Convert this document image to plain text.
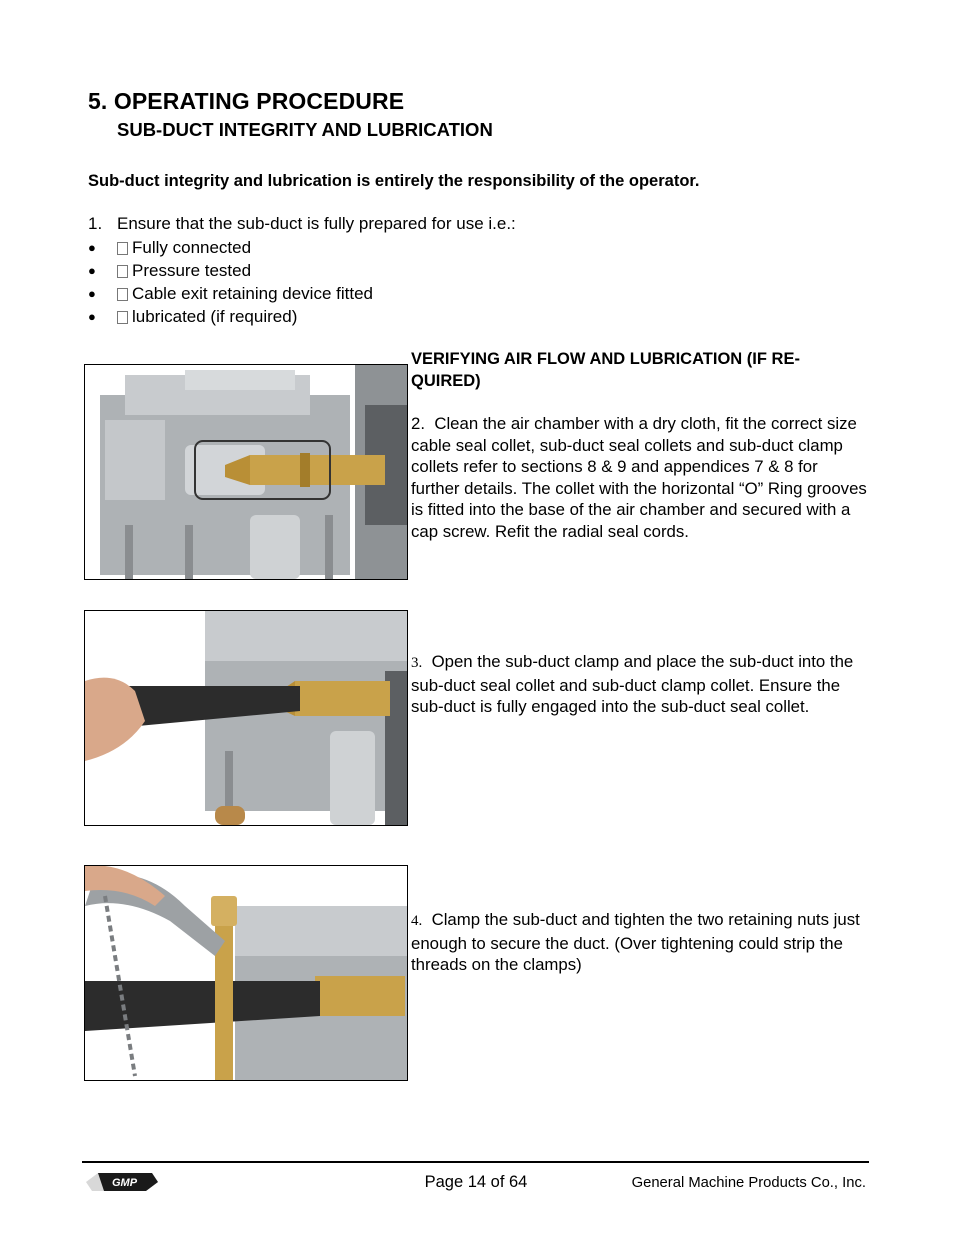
5. OPERATING PROCEDURE
SUB-DUCT INTEGRITY AND LUBRICATION
Sub-duct integrity and lubrication is entirely the responsibility of the operator.
1. Ensure that the sub-duct is fully prepared for use i.e.:
● Fully connected
● Pressure tested
● Cable exit retaining device fitted
● lubricated (if required)
VERIFYING AIR FLOW AND LUBRICATION (IF RE-QUIRED)

2. Clean the air chamber with a dry cloth, fit the correct size cable seal collet, sub-duct seal collets and sub-duct clamp collets refer to sections 8 & 9 and appendices 7 & 8 for further details. The collet with the horizontal “O” Ring grooves is fitted into the base of the air chamber and secured with a cap screw. Refit the radial seal cords.

3. Open the sub-duct clamp and place the sub-duct into the sub-duct seal collet and sub-duct clamp collet. Ensure the sub-duct is fully engaged into the sub-duct seal collet.

4. Clamp the sub-duct and tighten the two retaining nuts just enough to secure the duct. (Over tightening could strip the threads on the clamps)

GMP	Page 14 of 64	General Machine Products Co., Inc.
